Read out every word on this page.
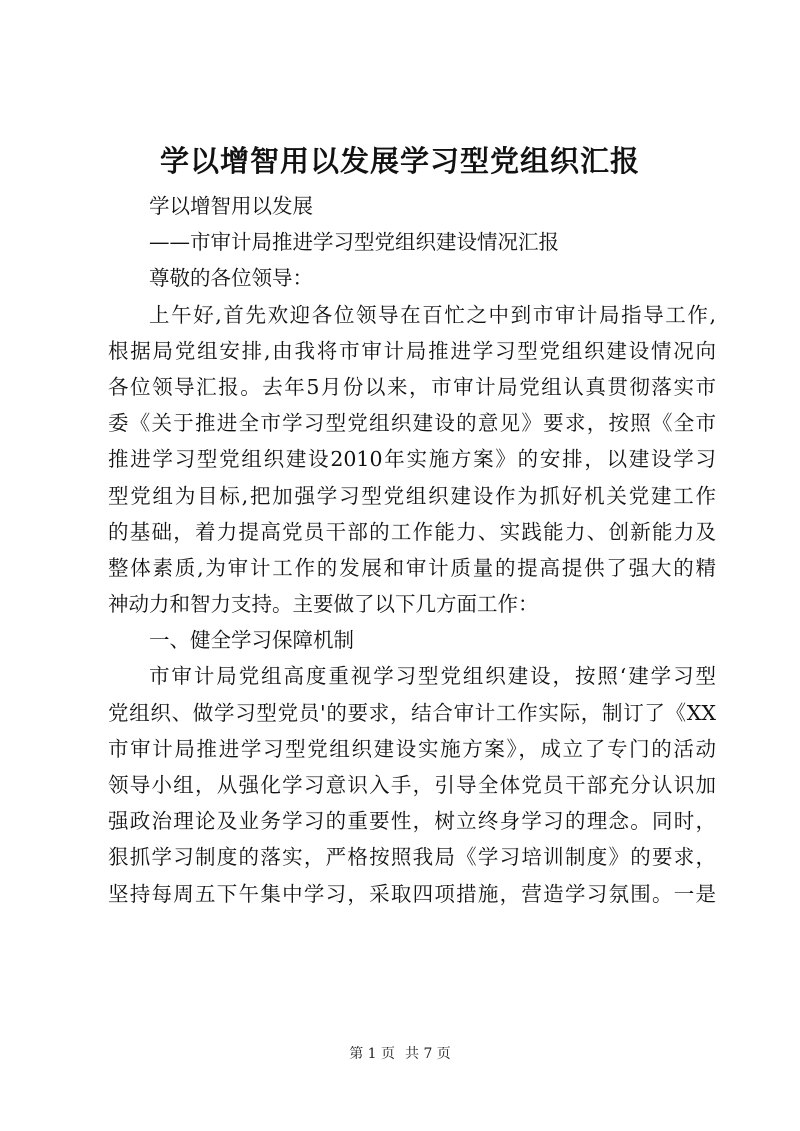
学以增智用以发展学习型党组织汇报
学以增智用以发展
——市审计局推进学习型党组织建设情况汇报
尊敬的各位领导：
上午好,首先欢迎各位领导在百忙之中到市审计局指导工作,
根据局党组安排,由我将市审计局推进学习型党组织建设情况向
各位领导汇报。去年5月份以来，市审计局党组认真贯彻落实市
委《关于推进全市学习型党组织建设的意见》要求，按照《全市
推进学习型党组织建设2010年实施方案》的安排，以建设学习
型党组为目标,把加强学习型党组织建设作为抓好机关党建工作
的基础，着力提高党员干部的工作能力、实践能力、创新能力及
整体素质,为审计工作的发展和审计质量的提高提供了强大的精
神动力和智力支持。主要做了以下几方面工作：
一、健全学习保障机制
市审计局党组高度重视学习型党组织建设，按照‘建学习型
党组织、做学习型党员'的要求，结合审计工作实际，制订了《XX
市审计局推进学习型党组织建设实施方案》，成立了专门的活动
领导小组，从强化学习意识入手，引导全体党员干部充分认识加
强政治理论及业务学习的重要性，树立终身学习的理念。同时，
狠抓学习制度的落实，严格按照我局《学习培训制度》的要求，
坚持每周五下午集中学习，采取四项措施，营造学习氛围。一是
第 1 页 共 7 页
